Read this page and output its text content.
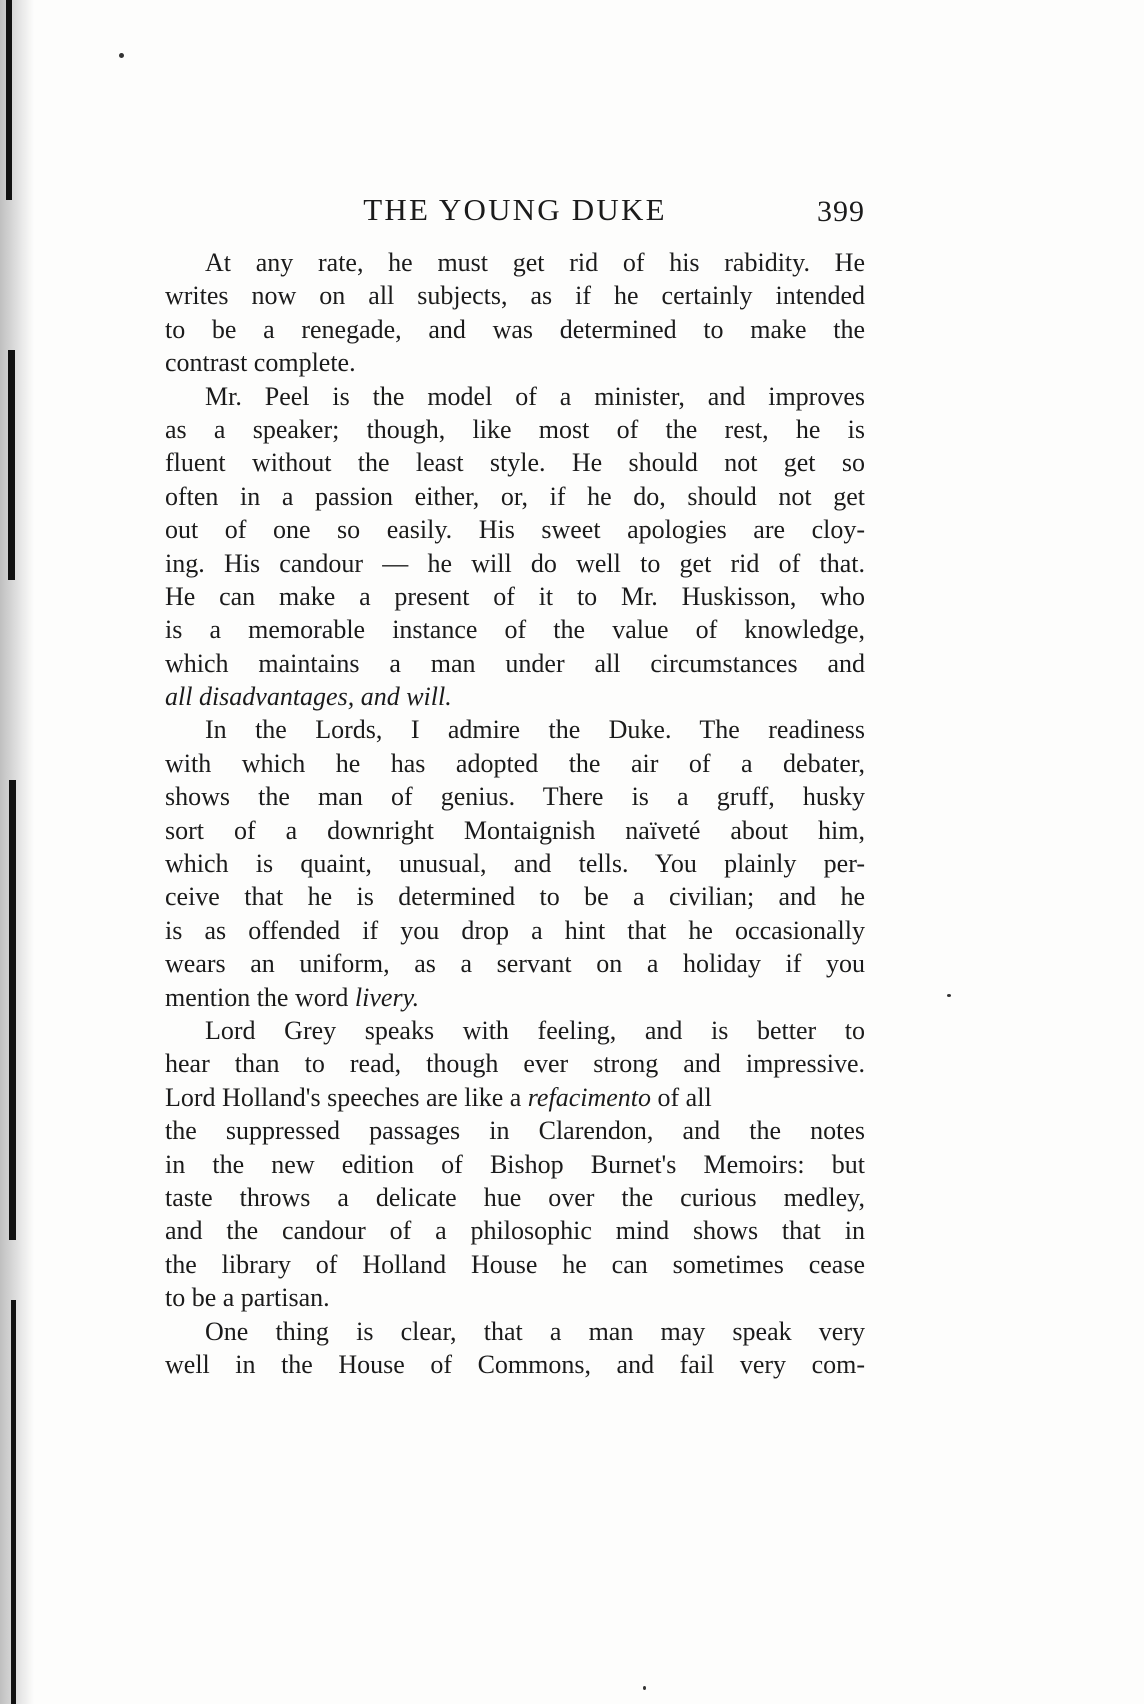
THE YOUNG DUKE	399
At any rate, he must get rid of his rabidity. He
writes now on all subjects, as if he certainly intended
to be a renegade, and was determined to make the
contrast complete.
Mr. Peel is the model of a minister, and improves
as a speaker; though, like most of the rest, he is
fluent without the least style. He should not get so
often in a passion either, or, if he do, should not get
out of one so easily. His sweet apologies are cloy-
ing. His candour — he will do well to get rid of that.
He can make a present of it to Mr. Huskisson, who
is a memorable instance of the value of knowledge,
which maintains a man under all circumstances and
all disadvantages, and will.
In the Lords, I admire the Duke. The readiness
with which he has adopted the air of a debater,
shows the man of genius. There is a gruff, husky
sort of a downright Montaignish naïveté about him,
which is quaint, unusual, and tells. You plainly per-
ceive that he is determined to be a civilian; and he
is as offended if you drop a hint that he occasionally
wears an uniform, as a servant on a holiday if you
mention the word livery.
Lord Grey speaks with feeling, and is better to
hear than to read, though ever strong and impressive.
Lord Holland's speeches are like a refacimento of all
the suppressed passages in Clarendon, and the notes
in the new edition of Bishop Burnet's Memoirs: but
taste throws a delicate hue over the curious medley,
and the candour of a philosophic mind shows that in
the library of Holland House he can sometimes cease
to be a partisan.
One thing is clear, that a man may speak very
well in the House of Commons, and fail very com-
